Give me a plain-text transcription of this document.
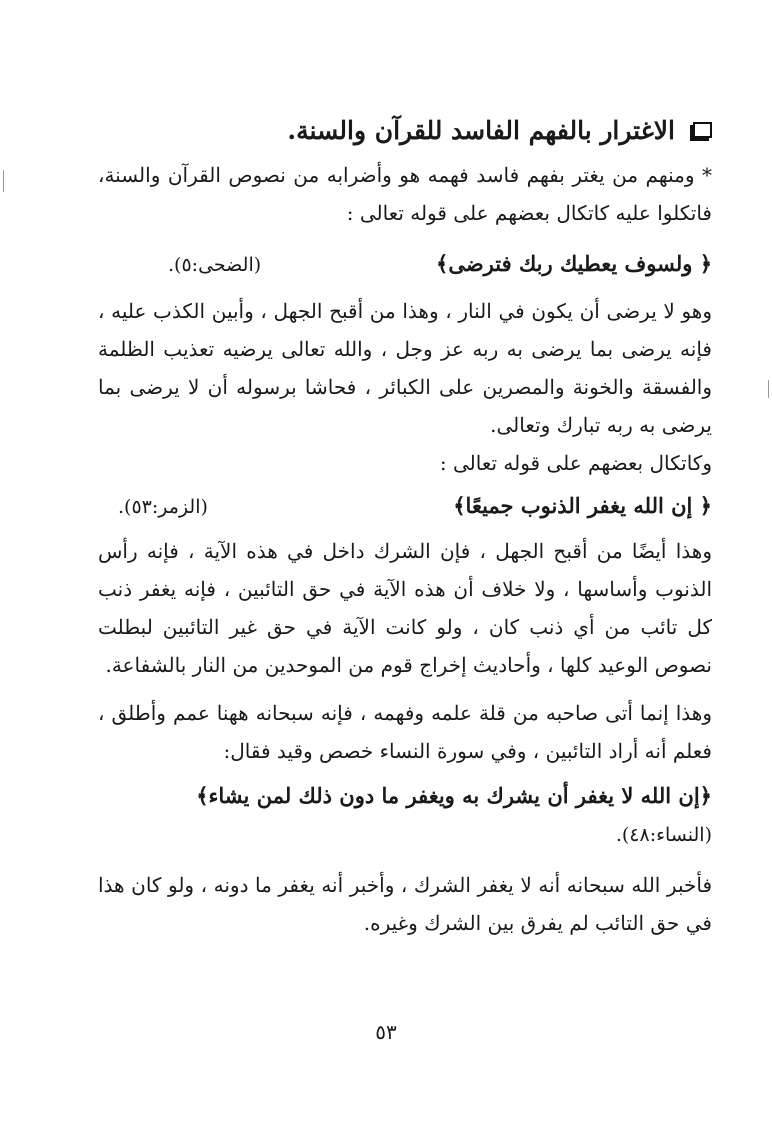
الاغترار بالفهم الفاسد للقرآن والسنة.

* ومنهم من يغتر بفهم فاسد فهمه هو وأضرابه من نصوص القرآن والسنة، فاتكلوا عليه كاتكال بعضهم على قوله تعالى :

﴿ ولسوف يعطيك ربك فترضى﴾
(الضحى:٥).

وهو لا يرضى أن يكون في النار ، وهذا من أقبح الجهل ، وأبين الكذب عليه ، فإنه يرضى بما يرضى به ربه عز وجل ، والله تعالى يرضيه تعذيب الظلمة والفسقة والخونة والمصرين على الكبائر ، فحاشا برسوله أن لا يرضى بما يرضى به ربه تبارك وتعالى.

وكاتكال بعضهم على قوله تعالى :
﴿ إن الله يغفر الذنوب جميعًا﴾
(الزمر:٥٣).

وهذا أيضًا من أقبح الجهل ، فإن الشرك داخل في هذه الآية ، فإنه رأس الذنوب وأساسها ، ولا خلاف أن هذه الآية في حق التائبين ، فإنه يغفر ذنب كل تائب من أي ذنب كان ، ولو كانت الآية في حق غير التائبين لبطلت نصوص الوعيد كلها ، وأحاديث إخراج قوم من الموحدين من النار بالشفاعة.

وهذا إنما أتى صاحبه من قلة علمه وفهمه ، فإنه سبحانه ههنا عمم وأطلق ، فعلم أنه أراد التائبين ، وفي سورة النساء خصص وقيد فقال:

﴿إن الله لا يغفر أن يشرك به ويغفر ما دون ذلك لمن يشاء﴾
(النساء:٤٨).

فأخبر الله سبحانه أنه لا يغفر الشرك ، وأخبر أنه يغفر ما دونه ، ولو كان هذا في حق التائب لم يفرق بين الشرك وغيره.

٥٣
